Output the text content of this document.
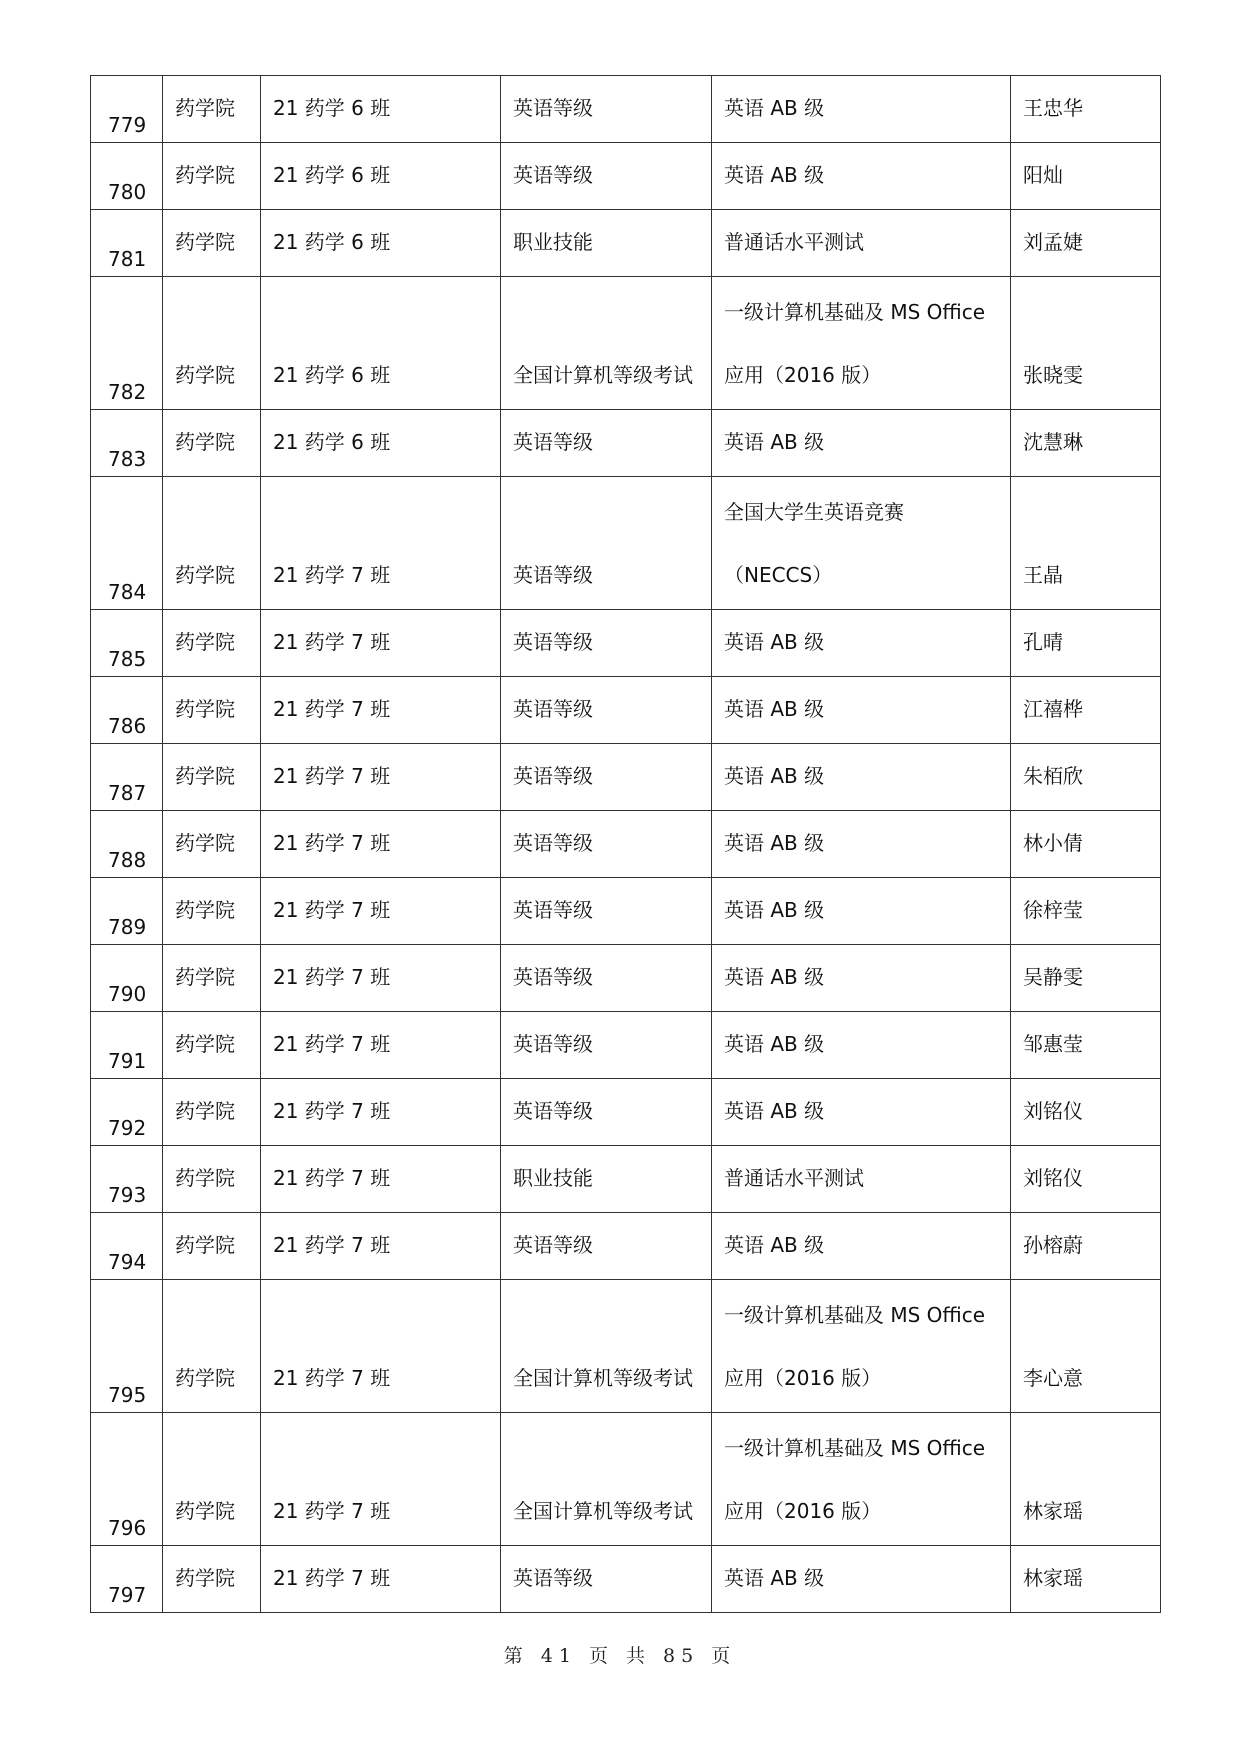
779	药学院	21 药学 6 班	英语等级	英语 AB 级	王忠华

780	药学院	21 药学 6 班	英语等级	英语 AB 级	阳灿

781	药学院	21 药学 6 班	职业技能	普通话水平测试	刘孟婕

782	药学院	21 药学 6 班	全国计算机等级考试	一级计算机基础及 MS Office
应用（2016 版）	张晓雯

783	药学院	21 药学 6 班	英语等级	英语 AB 级	沈慧琳

784	药学院	21 药学 7 班	英语等级	全国大学生英语竞赛
（NECCS）	王晶

785	药学院	21 药学 7 班	英语等级	英语 AB 级	孔晴

786	药学院	21 药学 7 班	英语等级	英语 AB 级	江禧桦

787	药学院	21 药学 7 班	英语等级	英语 AB 级	朱栢欣

788	药学院	21 药学 7 班	英语等级	英语 AB 级	林小倩

789	药学院	21 药学 7 班	英语等级	英语 AB 级	徐梓莹

790	药学院	21 药学 7 班	英语等级	英语 AB 级	吴静雯

791	药学院	21 药学 7 班	英语等级	英语 AB 级	邹惠莹

792	药学院	21 药学 7 班	英语等级	英语 AB 级	刘铭仪

793	药学院	21 药学 7 班	职业技能	普通话水平测试	刘铭仪

794	药学院	21 药学 7 班	英语等级	英语 AB 级	孙榕蔚

795	药学院	21 药学 7 班	全国计算机等级考试	一级计算机基础及 MS Office
应用（2016 版）	李心意

796	药学院	21 药学 7 班	全国计算机等级考试	一级计算机基础及 MS Office
应用（2016 版）	林家瑶

797	药学院	21 药学 7 班	英语等级	英语 AB 级	林家瑶
第 41 页 共 85 页
